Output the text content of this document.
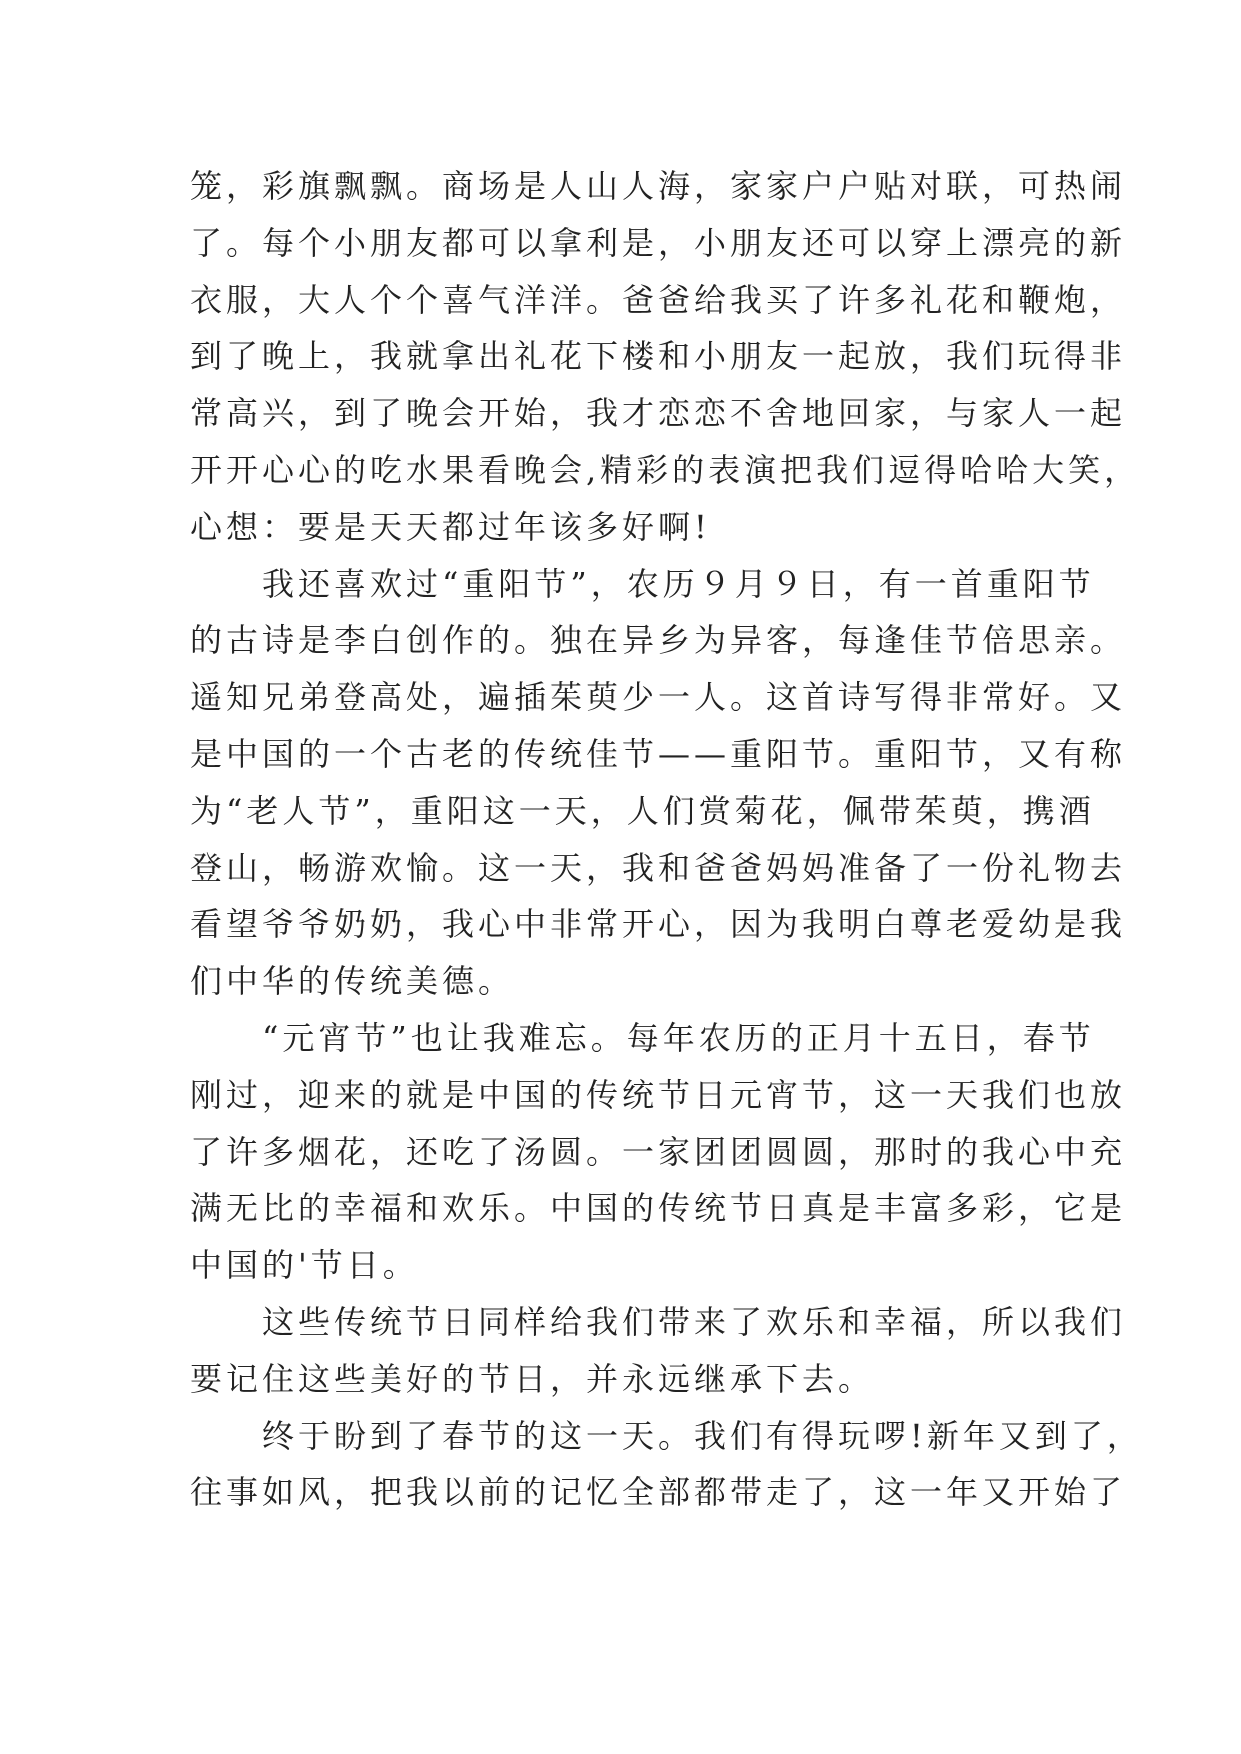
笼，彩旗飘飘。商场是人山人海，家家户户贴对联，可热闹

了。每个小朋友都可以拿利是，小朋友还可以穿上漂亮的新

衣服，大人个个喜气洋洋。爸爸给我买了许多礼花和鞭炮，

到了晚上，我就拿出礼花下楼和小朋友一起放，我们玩得非

常高兴，到了晚会开始，我才恋恋不舍地回家，与家人一起

开开心心的吃水果看晚会,精彩的表演把我们逗得哈哈大笑，

心想：要是天天都过年该多好啊!

　　我还喜欢过“重阳节”，农历９月９日，有一首重阳节

的古诗是李白创作的。独在异乡为异客，每逢佳节倍思亲。

遥知兄弟登高处，遍插茱萸少一人。这首诗写得非常好。又

是中国的一个古老的传统佳节——重阳节。重阳节，又有称

为“老人节”，重阳这一天，人们赏菊花，佩带茱萸，携酒

登山，畅游欢愉。这一天，我和爸爸妈妈准备了一份礼物去

看望爷爷奶奶，我心中非常开心，因为我明白尊老爱幼是我

们中华的传统美德。

　　“元宵节”也让我难忘。每年农历的正月十五日，春节

刚过，迎来的就是中国的传统节日元宵节，这一天我们也放

了许多烟花，还吃了汤圆。一家团团圆圆，那时的我心中充

满无比的幸福和欢乐。中国的传统节日真是丰富多彩，它是

中国的'节日。

　　这些传统节日同样给我们带来了欢乐和幸福，所以我们

要记住这些美好的节日，并永远继承下去。

　　终于盼到了春节的这一天。我们有得玩啰!新年又到了，

往事如风，把我以前的记忆全部都带走了，这一年又开始了
